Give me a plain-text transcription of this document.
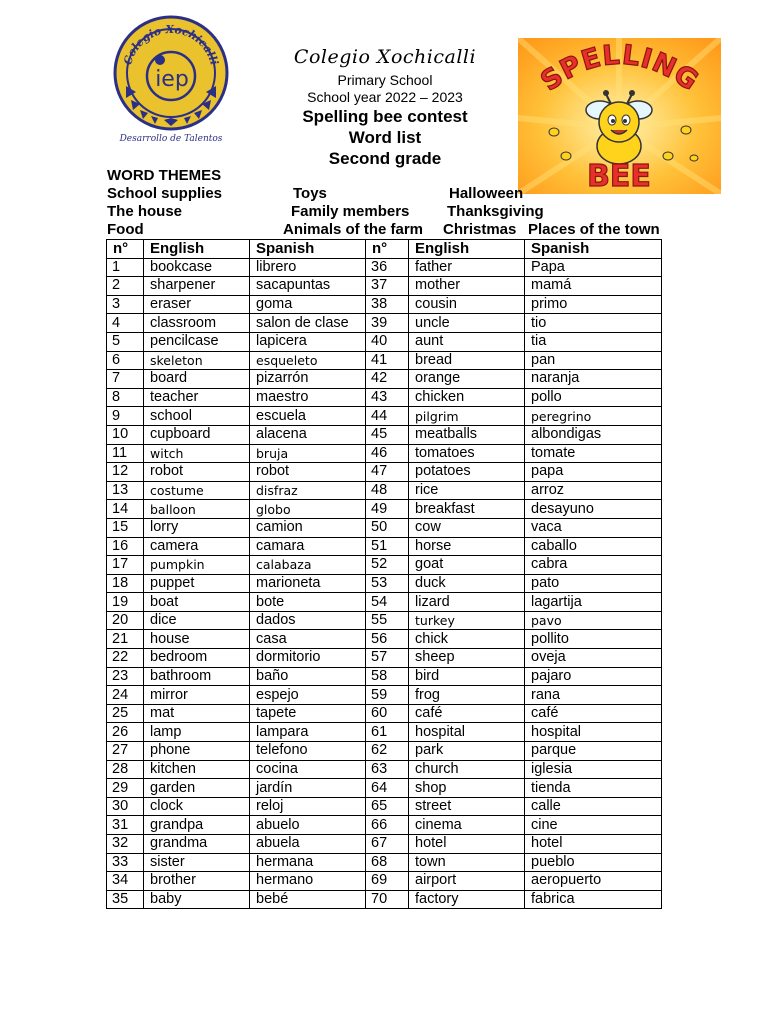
Colegio Xochicalli
iep
Desarrollo de Talentos
Colegio Xochicalli
Primary School
School year 2022 – 2023
Spelling bee contest
Word list
Second grade
SPELLING
BEE
WORD THEMES
School supplies	Toys	Halloween
The house	Family members	Thanksgiving
Food	Animals of the farm Christmas Places of the town
n°	English	Spanish	n°	English	Spanish
1	bookcase	librero	36	father	Papa
2	sharpener	sacapuntas	37	mother	mamá
3	eraser	goma	38	cousin	primo
4	classroom	salon de clase	39	uncle	tio
5	pencilcase	lapicera	40	aunt	tia
6	skeleton	esqueleto	41	bread	pan
7	board	pizarrón	42	orange	naranja
8	teacher	maestro	43	chicken	pollo
9	school	escuela	44	pilgrim	peregrino
10	cupboard	alacena	45	meatballs	albondigas
11	witch	bruja	46	tomatoes	tomate
12	robot	robot	47	potatoes	papa
13	costume	disfraz	48	rice	arroz
14	balloon	globo	49	breakfast	desayuno
15	lorry	camion	50	cow	vaca
16	camera	camara	51	horse	caballo
17	pumpkin	calabaza	52	goat	cabra
18	puppet	marioneta	53	duck	pato
19	boat	bote	54	lizard	lagartija
20	dice	dados	55	turkey	pavo
21	house	casa	56	chick	pollito
22	bedroom	dormitorio	57	sheep	oveja
23	bathroom	baño	58	bird	pajaro
24	mirror	espejo	59	frog	rana
25	mat	tapete	60	café	café
26	lamp	lampara	61	hospital	hospital
27	phone	telefono	62	park	parque
28	kitchen	cocina	63	church	iglesia
29	garden	jardín	64	shop	tienda
30	clock	reloj	65	street	calle
31	grandpa	abuelo	66	cinema	cine
32	grandma	abuela	67	hotel	hotel
33	sister	hermana	68	town	pueblo
34	brother	hermano	69	airport	aeropuerto
35	baby	bebé	70	factory	fabrica
